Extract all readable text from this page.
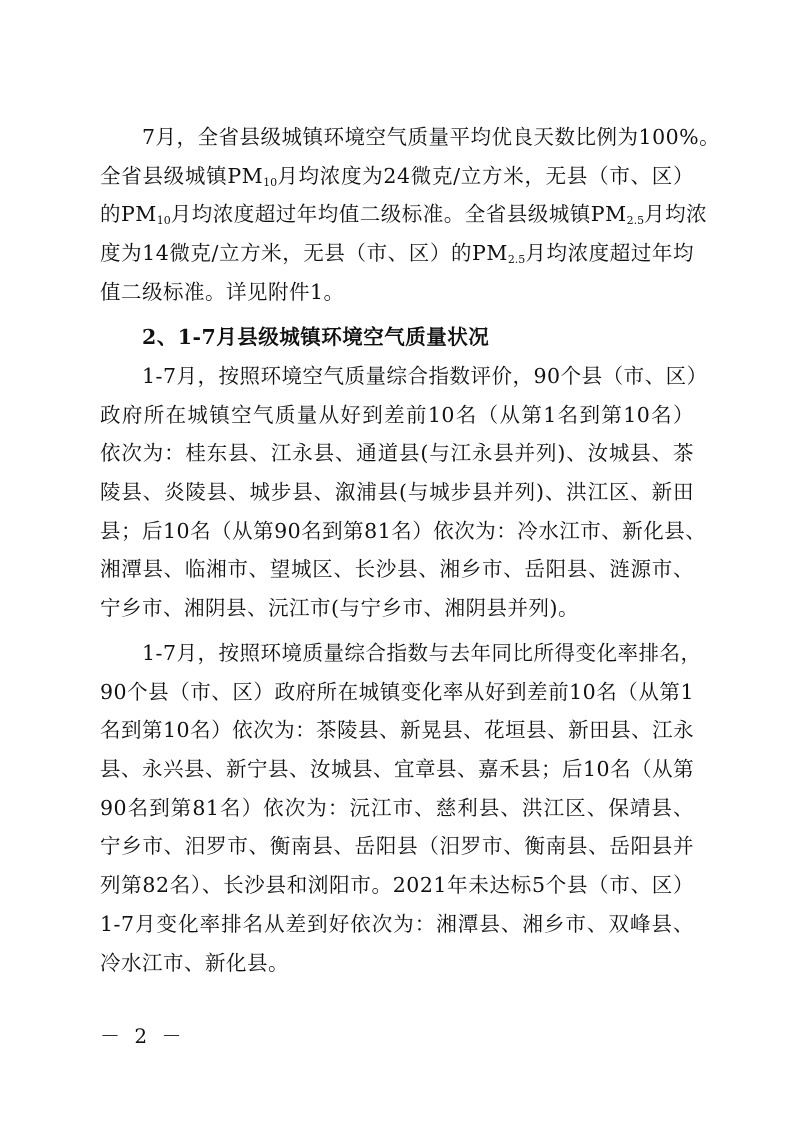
7月，全省县级城镇环境空气质量平均优良天数比例为100%。
全省县级城镇$PM_{10}$月均浓度为24微克/立方米，无县（市、区）
的$PM_{10}$月均浓度超过年均值二级标准。全省县级城镇$PM_{2.5}$月均浓
度为14微克/立方米，无县（市、区）的$PM_{2.5}$月均浓度超过年均
值二级标准。详见附件1。
2、1-7月县级城镇环境空气质量状况
1-7月，按照环境空气质量综合指数评价，90个县（市、区）
政府所在城镇空气质量从好到差前10名（从第1名到第10名）
依次为：桂东县、江永县、通道县(与江永县并列)、汝城县、茶
陵县、炎陵县、城步县、溆浦县(与城步县并列)、洪江区、新田
县；后10名（从第90名到第81名）依次为：冷水江市、新化县、
湘潭县、临湘市、望城区、长沙县、湘乡市、岳阳县、涟源市、
宁乡市、湘阴县、沅江市(与宁乡市、湘阴县并列)。
1-7月，按照环境质量综合指数与去年同比所得变化率排名，
90个县（市、区）政府所在城镇变化率从好到差前10名（从第1
名到第10名）依次为：茶陵县、新晃县、花垣县、新田县、江永
县、永兴县、新宁县、汝城县、宜章县、嘉禾县；后10名（从第
90名到第81名）依次为：沅江市、慈利县、洪江区、保靖县、
宁乡市、汨罗市、衡南县、岳阳县（汨罗市、衡南县、岳阳县并
列第82名）、长沙县和浏阳市。2021年未达标5个县（市、区）
1-7月变化率排名从差到好依次为：湘潭县、湘乡市、双峰县、
冷水江市、新化县。
－ 2 －
